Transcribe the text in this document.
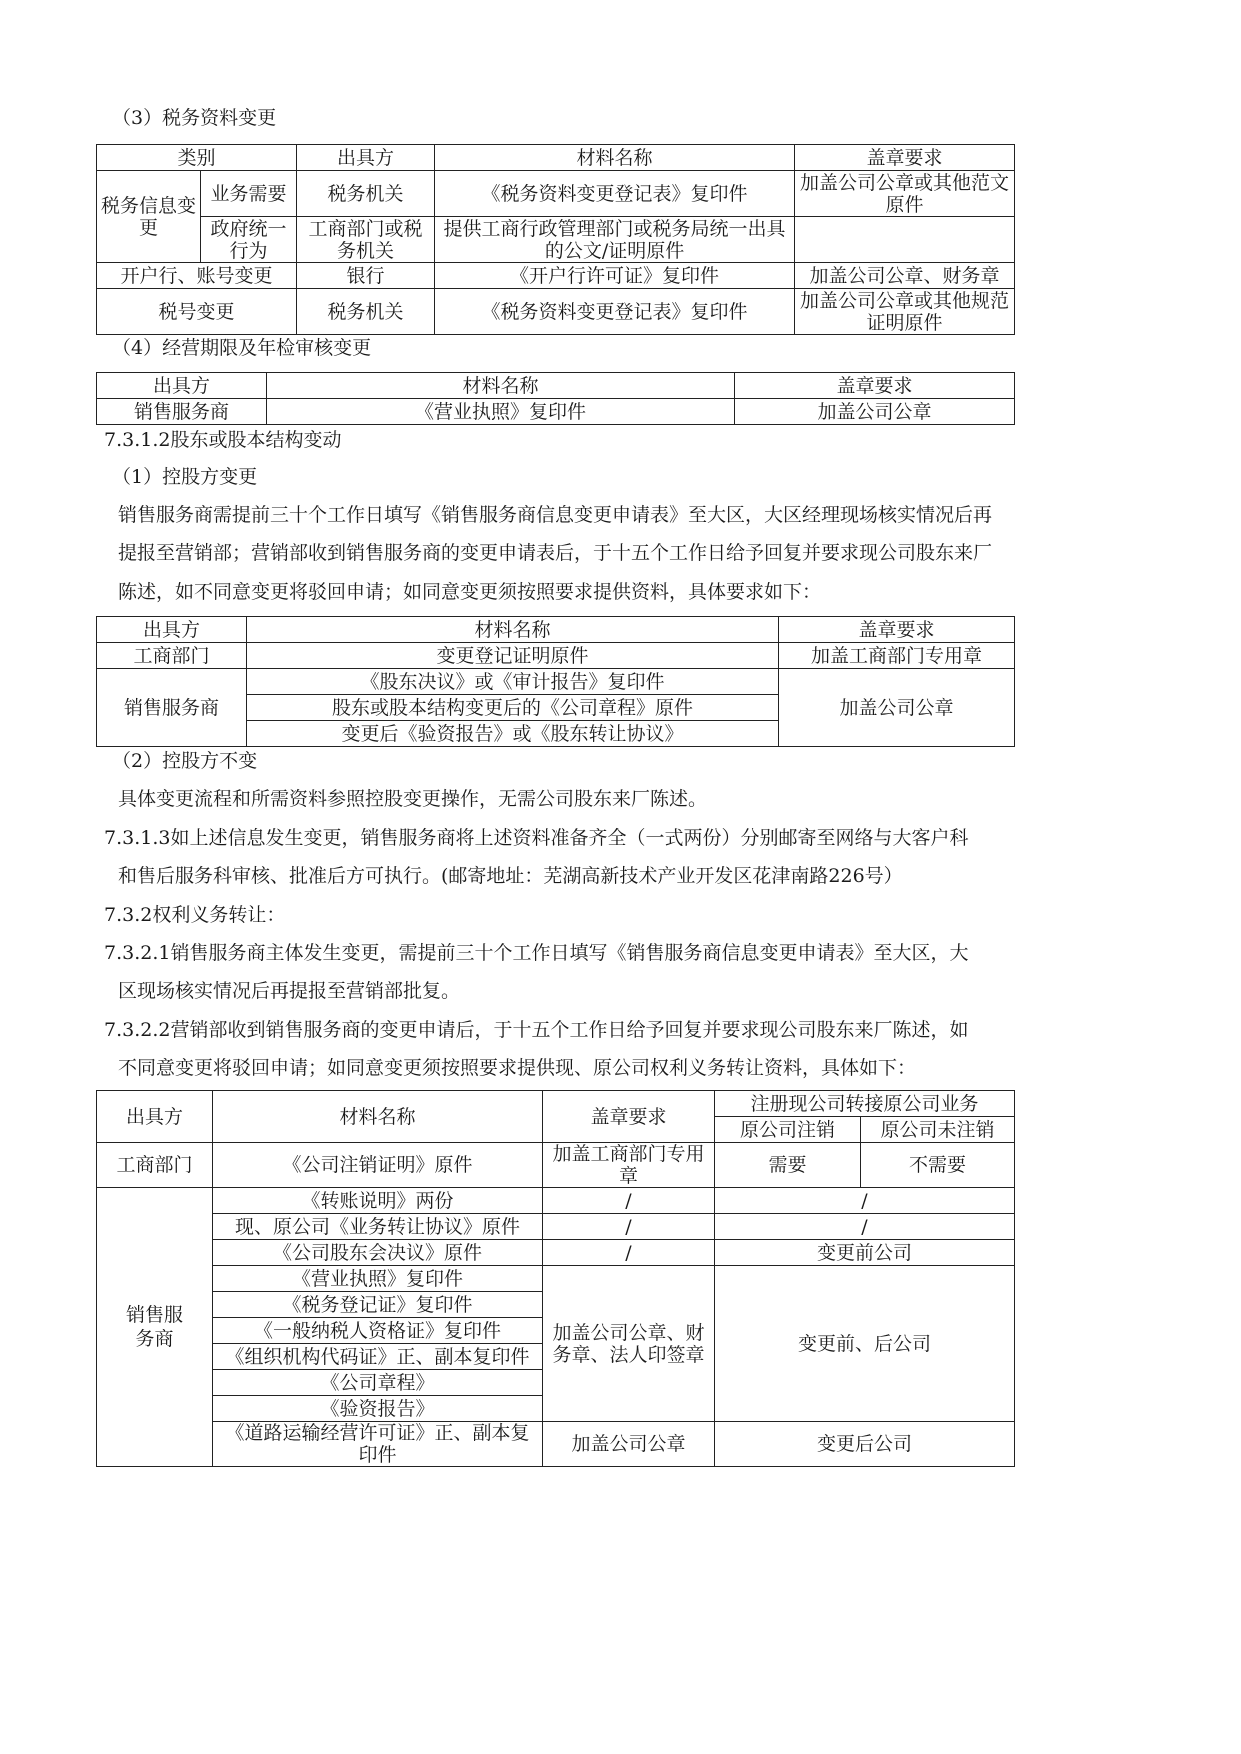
（3）税务资料变更
类别		出具方	材料名称	盖章要求
税务信息变更	业务需要	税务机关	《税务资料变更登记表》复印件	加盖公司公章或其他范文原件
	政府统一行为	工商部门或税务机关	提供工商行政管理部门或税务局统一出具的公文/证明原件	
开户行、账号变更		银行	《开户行许可证》复印件	加盖公司公章、财务章
税号变更		税务机关	《税务资料变更登记表》复印件	加盖公司公章或其他规范证明原件
（4）经营期限及年检审核变更
出具方	材料名称	盖章要求
销售服务商	《营业执照》复印件	加盖公司公章
7.3.1.2股东或股本结构变动
（1）控股方变更
销售服务商需提前三十个工作日填写《销售服务商信息变更申请表》至大区，大区经理现场核实情况后再
提报至营销部；营销部收到销售服务商的变更申请表后，于十五个工作日给予回复并要求现公司股东来厂
陈述，如不同意变更将驳回申请；如同意变更须按照要求提供资料，具体要求如下：
出具方	材料名称	盖章要求
工商部门	变更登记证明原件	加盖工商部门专用章
销售服务商	《股东决议》或《审计报告》复印件	加盖公司公章
	股东或股本结构变更后的《公司章程》原件	
	变更后《验资报告》或《股东转让协议》	
（2）控股方不变
具体变更流程和所需资料参照控股变更操作，无需公司股东来厂陈述。
7.3.1.3如上述信息发生变更，销售服务商将上述资料准备齐全（一式两份）分别邮寄至网络与大客户科
和售后服务科审核、批准后方可执行。(邮寄地址：芜湖高新技术产业开发区花津南路226号）
7.3.2权利义务转让：
7.3.2.1销售服务商主体发生变更，需提前三十个工作日填写《销售服务商信息变更申请表》至大区，大
区现场核实情况后再提报至营销部批复。
7.3.2.2营销部收到销售服务商的变更申请后，于十五个工作日给予回复并要求现公司股东来厂陈述，如
不同意变更将驳回申请；如同意变更须按照要求提供现、原公司权利义务转让资料，具体如下：
出具方	材料名称	盖章要求	注册现公司转接原公司业务	
			原公司注销	原公司未注销
工商部门	《公司注销证明》原件	加盖工商部门专用章	需要	不需要

销售服务商	《转账说明》两份	/	/	
	现、原公司《业务转让协议》原件	/	/	
	《公司股东会决议》原件	/	变更前公司	
	《营业执照》复印件	加盖公司公章、财务章、法人印签章	变更前、后公司	
	《税务登记证》复印件			
	《一般纳税人资格证》复印件			
	《组织机构代码证》正、副本复印件			
	《公司章程》			
	《验资报告》			
	《道路运输经营许可证》正、副本复印件	加盖公司公章	变更后公司	
